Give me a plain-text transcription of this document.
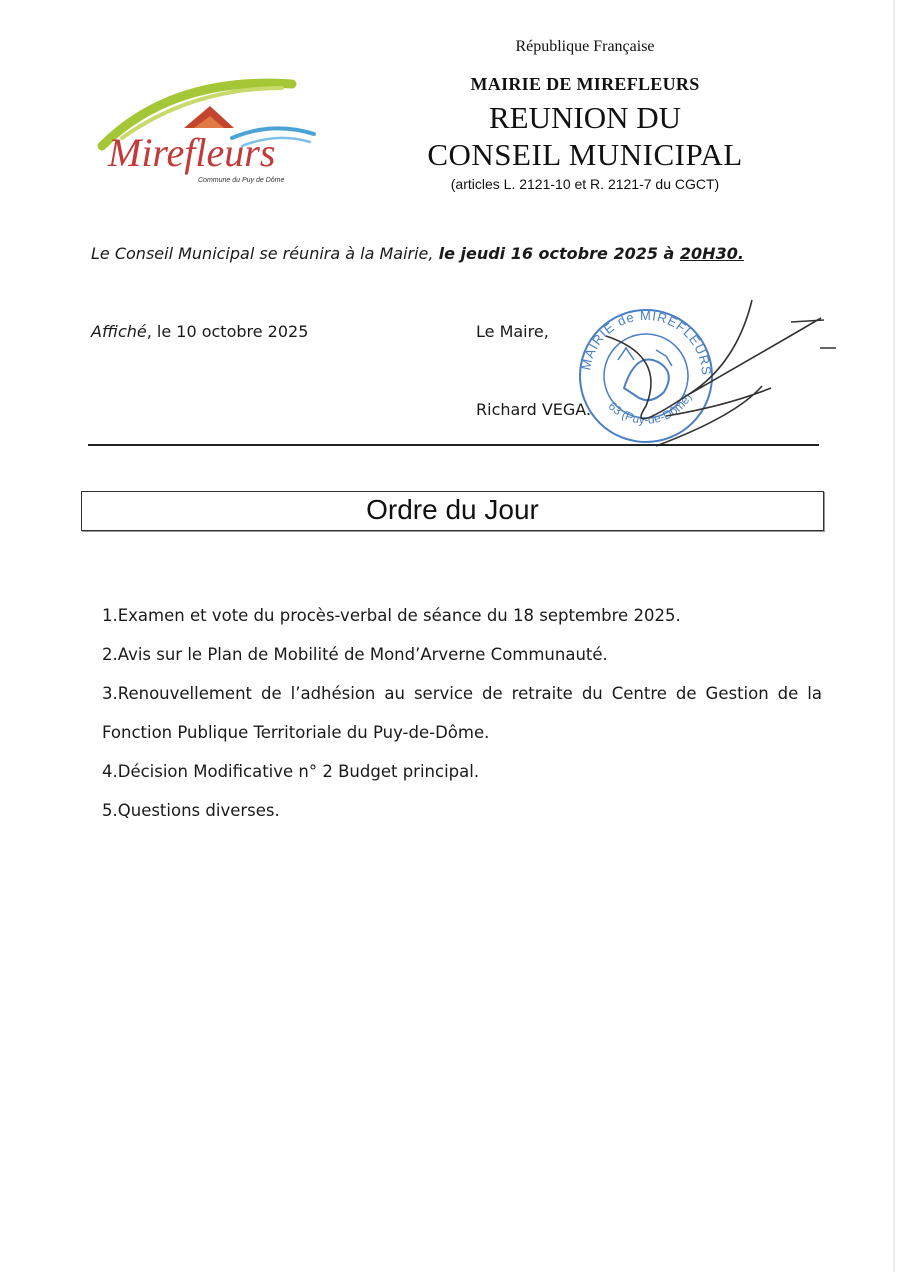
Mirefleurs
Commune du Puy de Dôme
République Française
MAIRIE DE MIREFLEURS
REUNION DU
CONSEIL MUNICIPAL
(articles L. 2121-10 et R. 2121-7 du CGCT)
Le Conseil Municipal se réunira à la Mairie, le jeudi 16 octobre 2025 à 20H30.
Affiché, le 10 octobre 2025	Le Maire,
Richard VEGA.
MAIRIE de MIREFLEURS
63 (Puy-de-Dôme)
Ordre du Jour
1.Examen et vote du procès-verbal de séance du 18 septembre 2025.
2.Avis sur le Plan de Mobilité de Mond’Arverne Communauté.
3.Renouvellement de l’adhésion au service de retraite du Centre de Gestion de la
Fonction Publique Territoriale du Puy-de-Dôme.
4.Décision Modificative n° 2 Budget principal.
5.Questions diverses.
